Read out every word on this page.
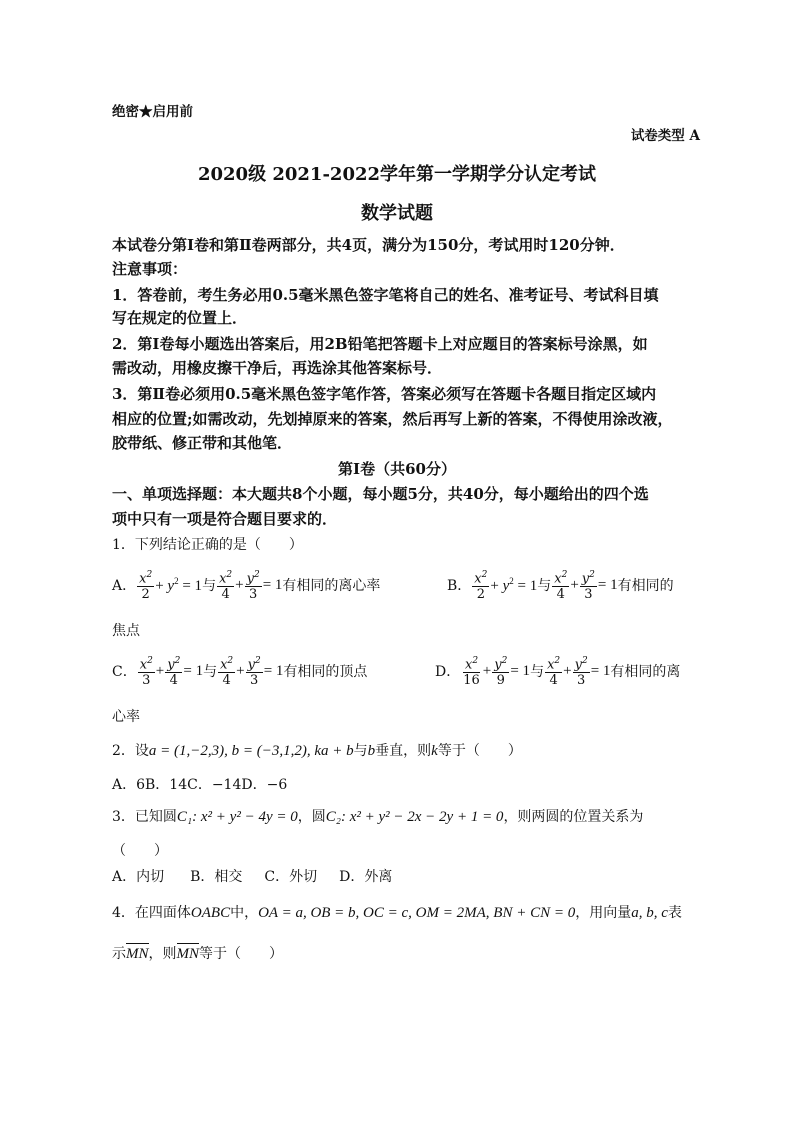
绝密★启用前
试卷类型 A
2020级 2021-2022学年第一学期学分认定考试
数学试题
本试卷分第Ⅰ卷和第Ⅱ卷两部分，共4页，满分为150分，考试用时120分钟．
注意事项：
1．答卷前，考生务必用0.5毫米黑色签字笔将自己的姓名、准考证号、考试科目填
写在规定的位置上．
2．第Ⅰ卷每小题选出答案后，用2B铅笔把答题卡上对应题目的答案标号涂黑，如
需改动，用橡皮擦干净后，再选涂其他答案标号．
3．第Ⅱ卷必须用0.5毫米黑色签字笔作答，答案必须写在答题卡各题目指定区域内
相应的位置;如需改动，先划掉原来的答案，然后再写上新的答案，不得使用涂改液，
胶带纸、修正带和其他笔．
第Ⅰ卷（共60分）
一、单项选择题：本大题共8个小题，每小题5分，共40分，每小题给出的四个选
项中只有一项是符合题目要求的．
1．下列结论正确的是（　　）
A． $\frac{x^2}{2} + y^2 = 1$ 与 $\frac{x^2}{4} + \frac{y^2}{3} = 1$ 有相同的离心率	B． $\frac{x^2}{2} + y^2 = 1$ 与 $\frac{x^2}{4} + \frac{y^2}{3} = 1$ 有相同的
焦点
C． $\frac{x^2}{3} + \frac{y^2}{4} = 1$ 与 $\frac{x^2}{4} + \frac{y^2}{3} = 1$ 有相同的顶点	D． $\frac{x^2}{16} + \frac{y^2}{9} = 1$ 与 $\frac{x^2}{4} + \frac{y^2}{3} = 1$ 有相同的离
心率
2．设a = (1,−2,3), b = (−3,1,2), ka + b与b垂直，则k等于（　　）
A．6B．14C．−14D．−6
3．已知圆C₁: x² + y² − 4y = 0，圆C₂: x² + y² − 2x − 2y + 1 = 0，则两圆的位置关系为
（　　）
A．内切 B．相交 C．外切 D．外离
4．在四面体OABC中，OA = a, OB = b, OC = c, OM = 2MA, BN + CN = 0，用向量a, b, c表
示MN，则MN等于（　　）
